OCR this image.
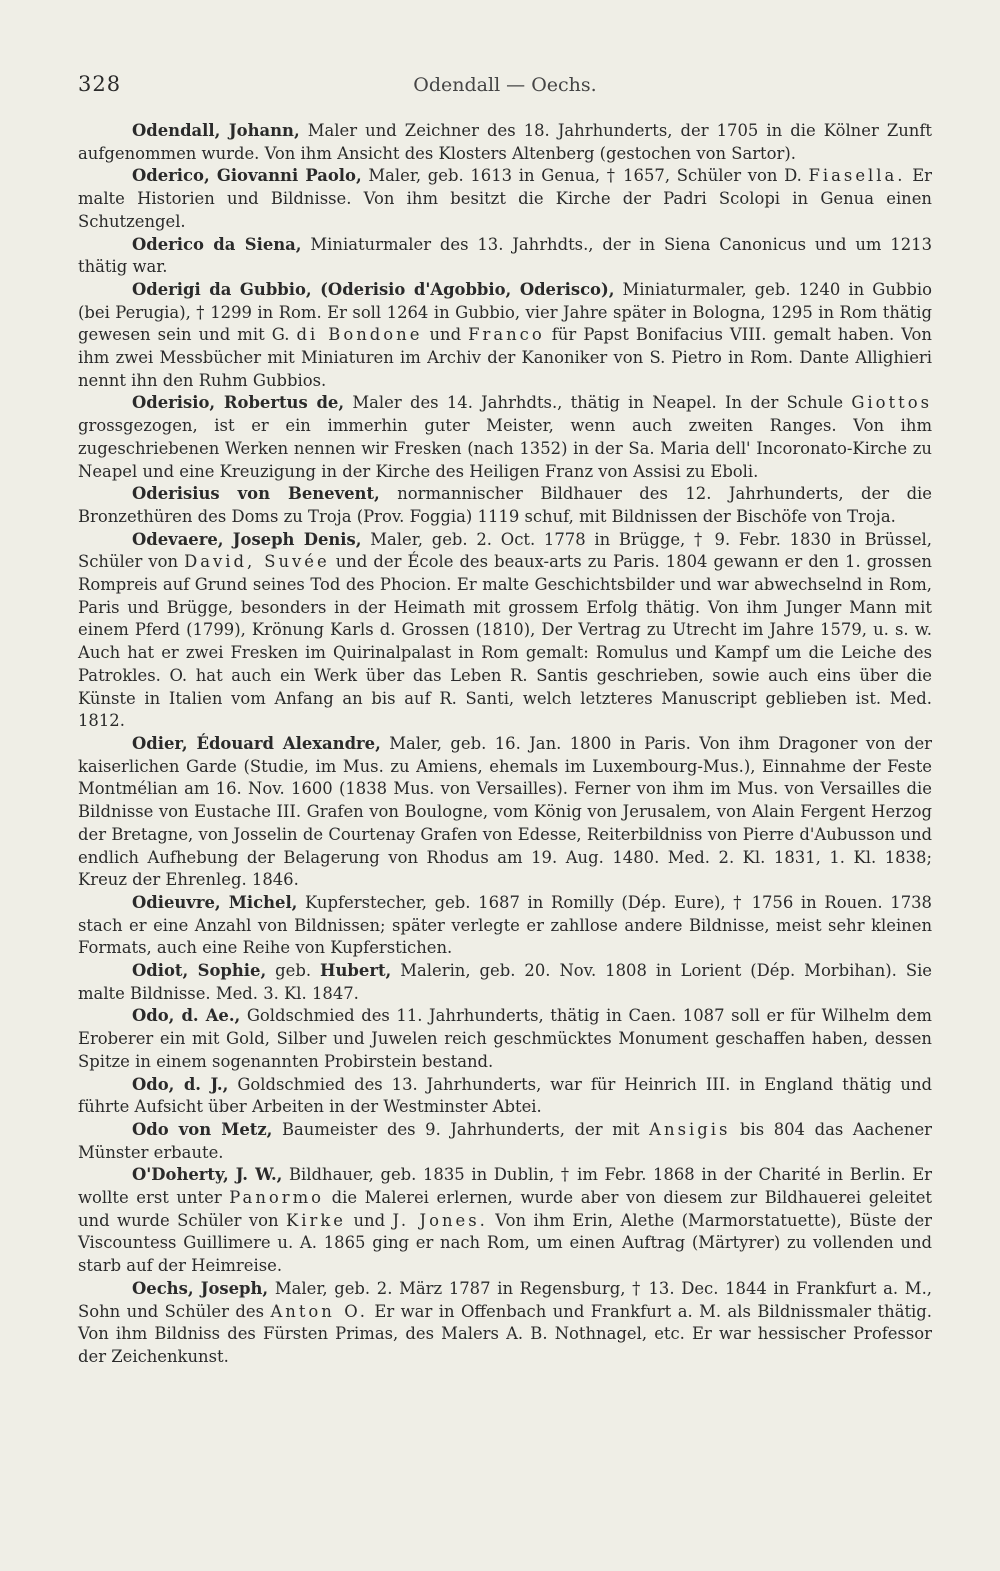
328	Odendall — Oechs.

Odendall, Johann, Maler und Zeichner des 18. Jahrhunderts, der 1705 in die Kölner Zunft aufgenommen wurde. Von ihm Ansicht des Klosters Altenberg (gestochen von Sartor).

Oderico, Giovanni Paolo, Maler, geb. 1613 in Genua, † 1657, Schüler von D. Fiasella. Er malte Historien und Bildnisse. Von ihm besitzt die Kirche der Padri Scolopi in Genua einen Schutzengel.

Oderico da Siena, Miniaturmaler des 13. Jahrhdts., der in Siena Canonicus und um 1213 thätig war.

Oderigi da Gubbio, (Oderisio d'Agobbio, Oderisco), Miniaturmaler, geb. 1240 in Gubbio (bei Perugia), † 1299 in Rom. Er soll 1264 in Gubbio, vier Jahre später in Bologna, 1295 in Rom thätig gewesen sein und mit G. di Bondone und Franco für Papst Bonifacius VIII. gemalt haben. Von ihm zwei Messbücher mit Miniaturen im Archiv der Kanoniker von S. Pietro in Rom. Dante Allighieri nennt ihn den Ruhm Gubbios.

Oderisio, Robertus de, Maler des 14. Jahrhdts., thätig in Neapel. In der Schule Giottos grossgezogen, ist er ein immerhin guter Meister, wenn auch zweiten Ranges. Von ihm zugeschriebenen Werken nennen wir Fresken (nach 1352) in der Sa. Maria dell' Incoronato-Kirche zu Neapel und eine Kreuzigung in der Kirche des Heiligen Franz von Assisi zu Eboli.

Oderisius von Benevent, normannischer Bildhauer des 12. Jahrhunderts, der die Bronzethüren des Doms zu Troja (Prov. Foggia) 1119 schuf, mit Bildnissen der Bischöfe von Troja.

Odevaere, Joseph Denis, Maler, geb. 2. Oct. 1778 in Brügge, † 9. Febr. 1830 in Brüssel, Schüler von David, Suvée und der École des beaux-arts zu Paris. 1804 gewann er den 1. grossen Rompreis auf Grund seines Tod des Phocion. Er malte Geschichtsbilder und war abwechselnd in Rom, Paris und Brügge, besonders in der Heimath mit grossem Erfolg thätig. Von ihm Junger Mann mit einem Pferd (1799), Krönung Karls d. Grossen (1810), Der Vertrag zu Utrecht im Jahre 1579, u. s. w. Auch hat er zwei Fresken im Quirinalpalast in Rom gemalt: Romulus und Kampf um die Leiche des Patrokles. O. hat auch ein Werk über das Leben R. Santis geschrieben, sowie auch eins über die Künste in Italien vom Anfang an bis auf R. Santi, welch letzteres Manuscript geblieben ist. Med. 1812.

Odier, Édouard Alexandre, Maler, geb. 16. Jan. 1800 in Paris. Von ihm Dragoner von der kaiserlichen Garde (Studie, im Mus. zu Amiens, ehemals im Luxembourg-Mus.), Einnahme der Feste Montmélian am 16. Nov. 1600 (1838 Mus. von Versailles). Ferner von ihm im Mus. von Versailles die Bildnisse von Eustache III. Grafen von Boulogne, vom König von Jerusalem, von Alain Fergent Herzog der Bretagne, von Josselin de Courtenay Grafen von Edesse, Reiterbildniss von Pierre d'Aubusson und endlich Aufhebung der Belagerung von Rhodus am 19. Aug. 1480. Med. 2. Kl. 1831, 1. Kl. 1838; Kreuz der Ehrenleg. 1846.

Odieuvre, Michel, Kupferstecher, geb. 1687 in Romilly (Dép. Eure), † 1756 in Rouen. 1738 stach er eine Anzahl von Bildnissen; später verlegte er zahllose andere Bildnisse, meist sehr kleinen Formats, auch eine Reihe von Kupferstichen.

Odiot, Sophie, geb. Hubert, Malerin, geb. 20. Nov. 1808 in Lorient (Dép. Morbihan). Sie malte Bildnisse. Med. 3. Kl. 1847.

Odo, d. Ae., Goldschmied des 11. Jahrhunderts, thätig in Caen. 1087 soll er für Wilhelm dem Eroberer ein mit Gold, Silber und Juwelen reich geschmücktes Monument geschaffen haben, dessen Spitze in einem sogenannten Probirstein bestand.

Odo, d. J., Goldschmied des 13. Jahrhunderts, war für Heinrich III. in England thätig und führte Aufsicht über Arbeiten in der Westminster Abtei.

Odo von Metz, Baumeister des 9. Jahrhunderts, der mit Ansigis bis 804 das Aachener Münster erbaute.

O'Doherty, J. W., Bildhauer, geb. 1835 in Dublin, † im Febr. 1868 in der Charité in Berlin. Er wollte erst unter Panormo die Malerei erlernen, wurde aber von diesem zur Bildhauerei geleitet und wurde Schüler von Kirke und J. Jones. Von ihm Erin, Alethe (Marmorstatuette), Büste der Viscountess Guillimere u. A. 1865 ging er nach Rom, um einen Auftrag (Märtyrer) zu vollenden und starb auf der Heimreise.

Oechs, Joseph, Maler, geb. 2. März 1787 in Regensburg, † 13. Dec. 1844 in Frankfurt a. M., Sohn und Schüler des Anton O. Er war in Offenbach und Frankfurt a. M. als Bildnissmaler thätig. Von ihm Bildniss des Fürsten Primas, des Malers A. B. Nothnagel, etc. Er war hessischer Professor der Zeichenkunst.
